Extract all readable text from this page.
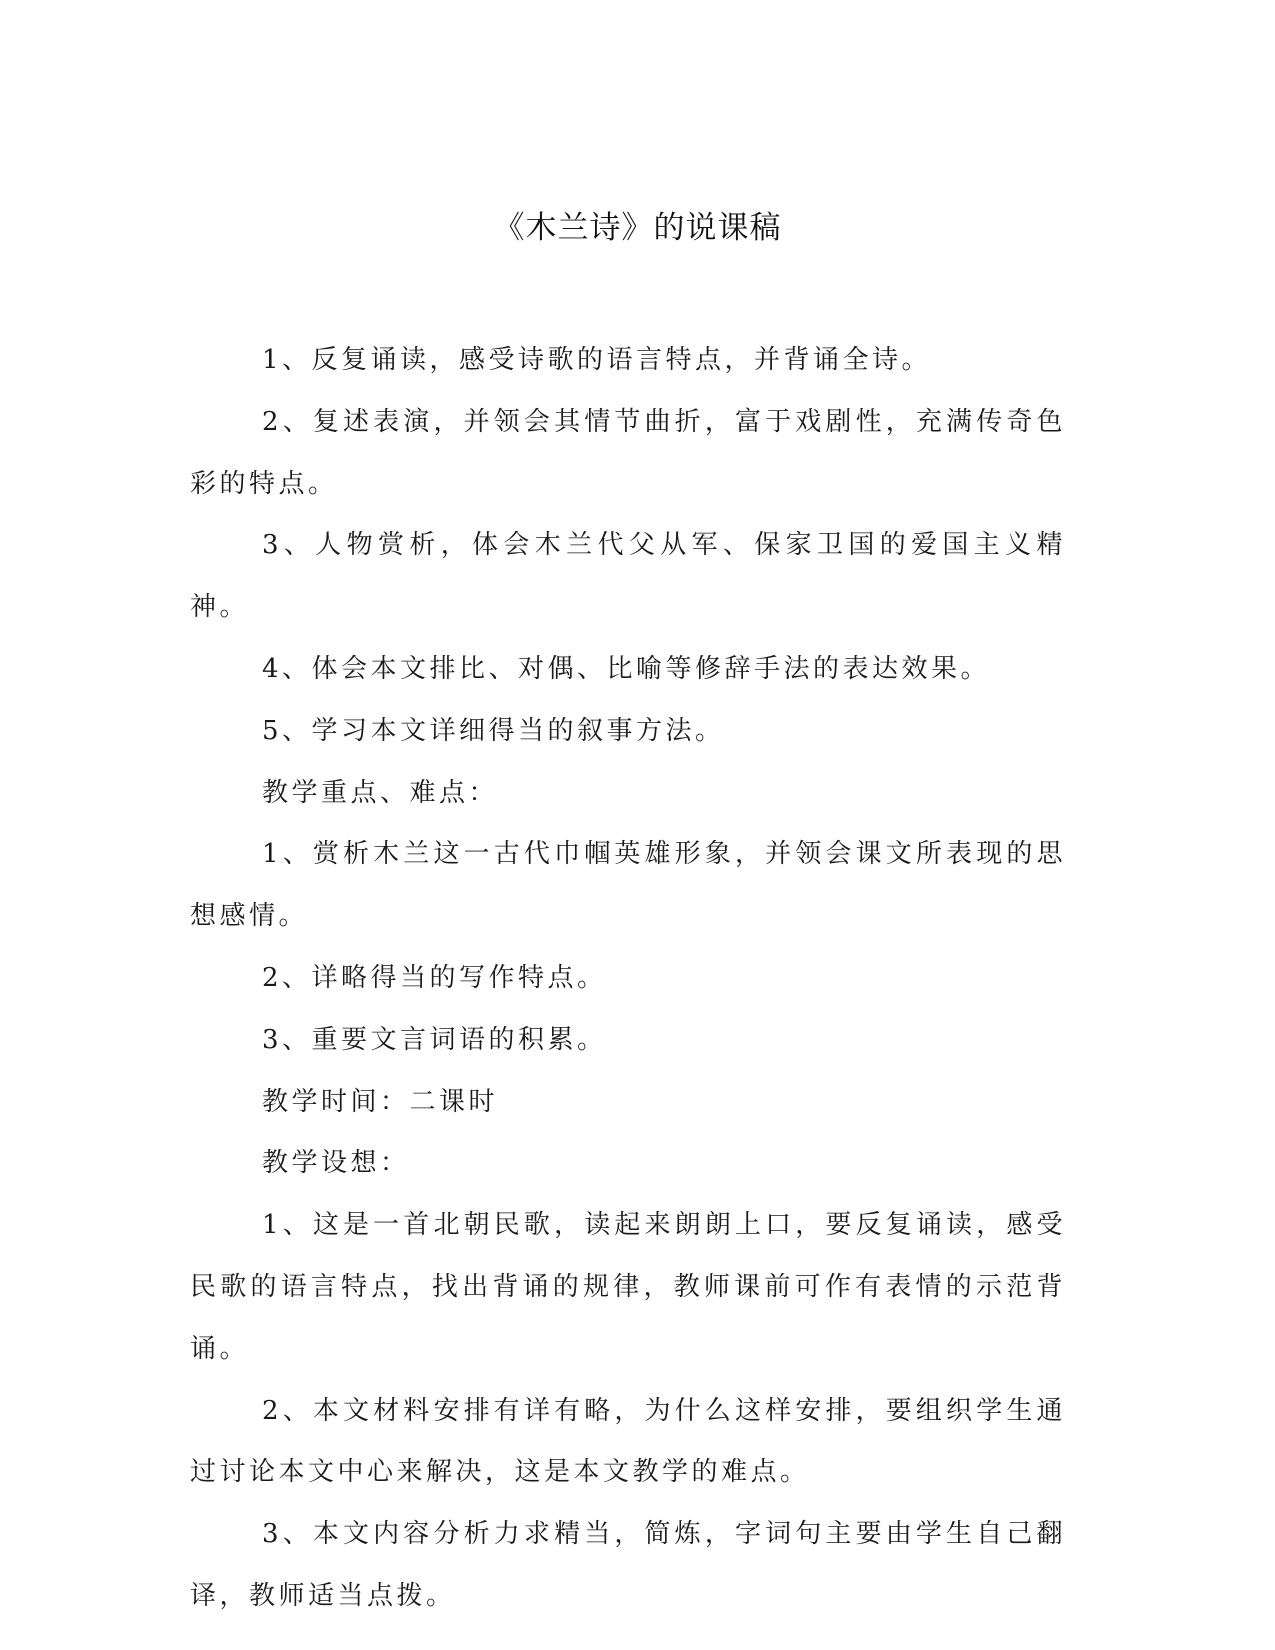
《木兰诗》的说课稿

1、反复诵读，感受诗歌的语言特点，并背诵全诗。

2、复述表演，并领会其情节曲折，富于戏剧性，充满传奇色彩的特点。

3、人物赏析，体会木兰代父从军、保家卫国的爱国主义精神。

4、体会本文排比、对偶、比喻等修辞手法的表达效果。

5、学习本文详细得当的叙事方法。

教学重点、难点：

1、赏析木兰这一古代巾帼英雄形象，并领会课文所表现的思想感情。

2、详略得当的写作特点。

3、重要文言词语的积累。

教学时间：二课时

教学设想：

1、这是一首北朝民歌，读起来朗朗上口，要反复诵读，感受民歌的语言特点，找出背诵的规律，教师课前可作有表情的示范背诵。

2、本文材料安排有详有略，为什么这样安排，要组织学生通过讨论本文中心来解决，这是本文教学的难点。

3、本文内容分析力求精当，简炼，字词句主要由学生自己翻译，教师适当点拨。
